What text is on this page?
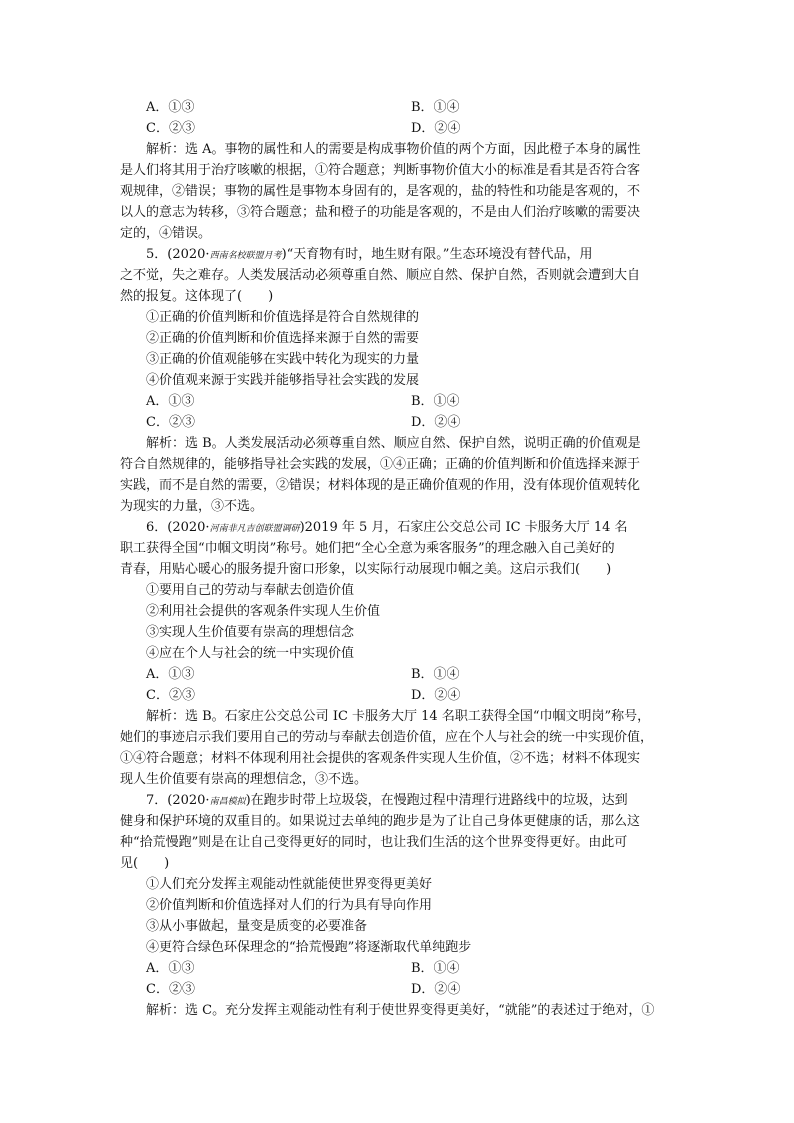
A．①③	B．①④
C．②③	D．②④
解析：选 A。事物的属性和人的需要是构成事物价值的两个方面，因此橙子本身的属性
是人们将其用于治疗咳嗽的根据，①符合题意；判断事物价值大小的标准是看其是否符合客
观规律，②错误；事物的属性是事物本身固有的，是客观的，盐的特性和功能是客观的，不
以人的意志为转移，③符合题意；盐和橙子的功能是客观的，不是由人们治疗咳嗽的需要决
定的，④错误。
5．(2020·西南名校联盟月考)“天育物有时，地生财有限。”生态环境没有替代品，用
之不觉，失之难存。人类发展活动必须尊重自然、顺应自然、保护自然，否则就会遭到大自
然的报复。这体现了(　　)
①正确的价值判断和价值选择是符合自然规律的
②正确的价值判断和价值选择来源于自然的需要
③正确的价值观能够在实践中转化为现实的力量
④价值观来源于实践并能够指导社会实践的发展
A．①③	B．①④
C．②③	D．②④
解析：选 B。人类发展活动必须尊重自然、顺应自然、保护自然，说明正确的价值观是
符合自然规律的，能够指导社会实践的发展，①④正确；正确的价值判断和价值选择来源于
实践，而不是自然的需要，②错误；材料体现的是正确价值观的作用，没有体现价值观转化
为现实的力量，③不选。
6．(2020·河南非凡吉创联盟调研)2019 年 5 月，石家庄公交总公司 IC 卡服务大厅 14 名
职工获得全国“巾帼文明岗”称号。她们把“全心全意为乘客服务”的理念融入自己美好的
青春，用贴心暖心的服务提升窗口形象，以实际行动展现巾帼之美。这启示我们(　　)
①要用自己的劳动与奉献去创造价值
②利用社会提供的客观条件实现人生价值
③实现人生价值要有崇高的理想信念
④应在个人与社会的统一中实现价值
A．①③	B．①④
C．②③	D．②④
解析：选 B。石家庄公交总公司 IC 卡服务大厅 14 名职工获得全国“巾帼文明岗”称号，
她们的事迹启示我们要用自己的劳动与奉献去创造价值，应在个人与社会的统一中实现价值，
①④符合题意；材料不体现利用社会提供的客观条件实现人生价值，②不选；材料不体现实
现人生价值要有崇高的理想信念，③不选。
7．(2020·南昌模拟)在跑步时带上垃圾袋，在慢跑过程中清理行进路线中的垃圾，达到
健身和保护环境的双重目的。如果说过去单纯的跑步是为了让自己身体更健康的话，那么这
种“拾荒慢跑”则是在让自己变得更好的同时，也让我们生活的这个世界变得更好。由此可
见(　　)
①人们充分发挥主观能动性就能使世界变得更美好
②价值判断和价值选择对人们的行为具有导向作用
③从小事做起，量变是质变的必要准备
④更符合绿色环保理念的“拾荒慢跑”将逐渐取代单纯跑步
A．①③	B．①④
C．②③	D．②④
解析：选 C。充分发挥主观能动性有利于使世界变得更美好，“就能”的表述过于绝对，①
